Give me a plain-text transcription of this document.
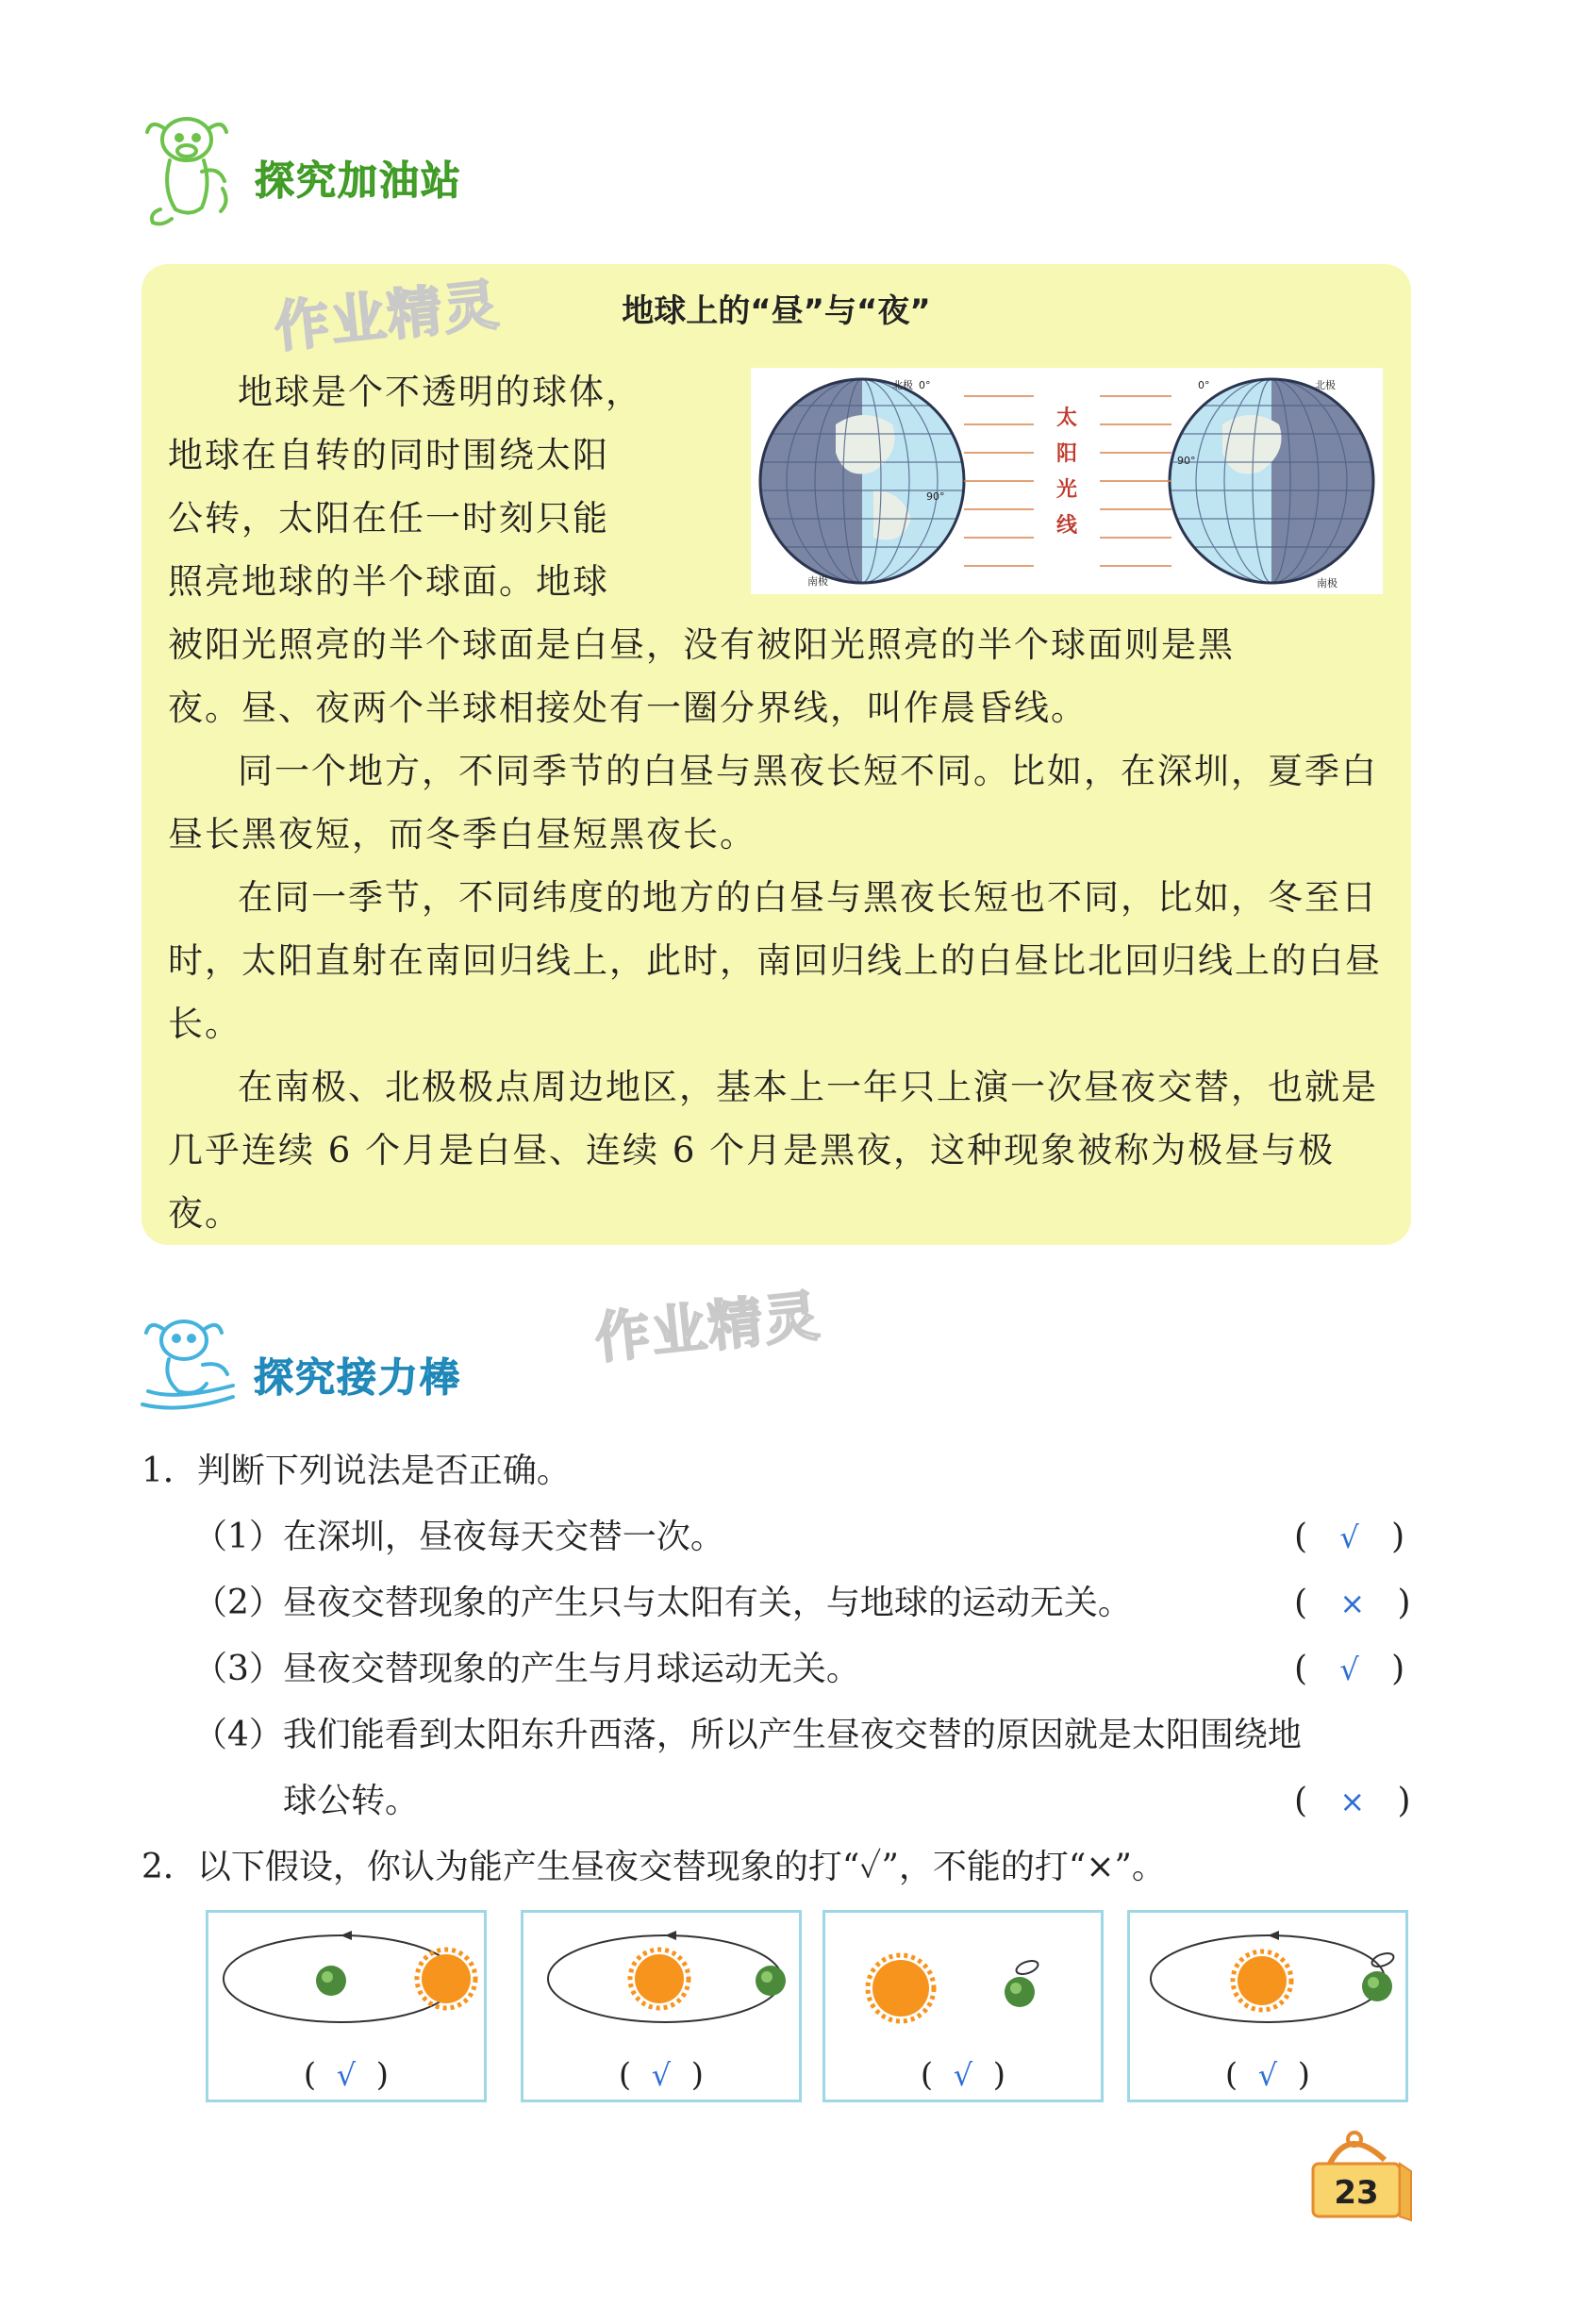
探究加油站
作业精灵	地球上的“昼”与“夜”
太
阳
光
线
北极
南极
0°
90°
北极
南极
0°
90°

地球是个不透明的球体，

地球在自转的同时围绕太阳

公转，太阳在任一时刻只能

照亮地球的半个球面。地球

被阳光照亮的半个球面是白昼，没有被阳光照亮的半个球面则是黑

夜。昼、夜两个半球相接处有一圈分界线，叫作晨昏线。

同一个地方，不同季节的白昼与黑夜长短不同。比如，在深圳，夏季白昼长黑夜短，而冬季白昼短黑夜长。

在同一季节，不同纬度的地方的白昼与黑夜长短也不同，比如，冬至日时，太阳直射在南回归线上，此时，南回归线上的白昼比北回归线上的白昼长。

在南极、北极极点周边地区，基本上一年只上演一次昼夜交替，也就是几乎连续 6 个月是白昼、连续 6 个月是黑夜，这种现象被称为极昼与极夜。

作业精灵
探究接力棒
1．判断下列说法是否正确。
（1）在深圳，昼夜每天交替一次。	(   √   )
（2）昼夜交替现象的产生只与太阳有关，与地球的运动无关。	(   ×   )
（3）昼夜交替现象的产生与月球运动无关。	(   √   )
（4）我们能看到太阳东升西落，所以产生昼夜交替的原因就是太阳围绕地
球公转。	(   ×   )
2．以下假设，你认为能产生昼夜交替现象的打“✓”，不能的打“×”。
(  √  )	(  √  )	(  √  )	(  √  )
23
